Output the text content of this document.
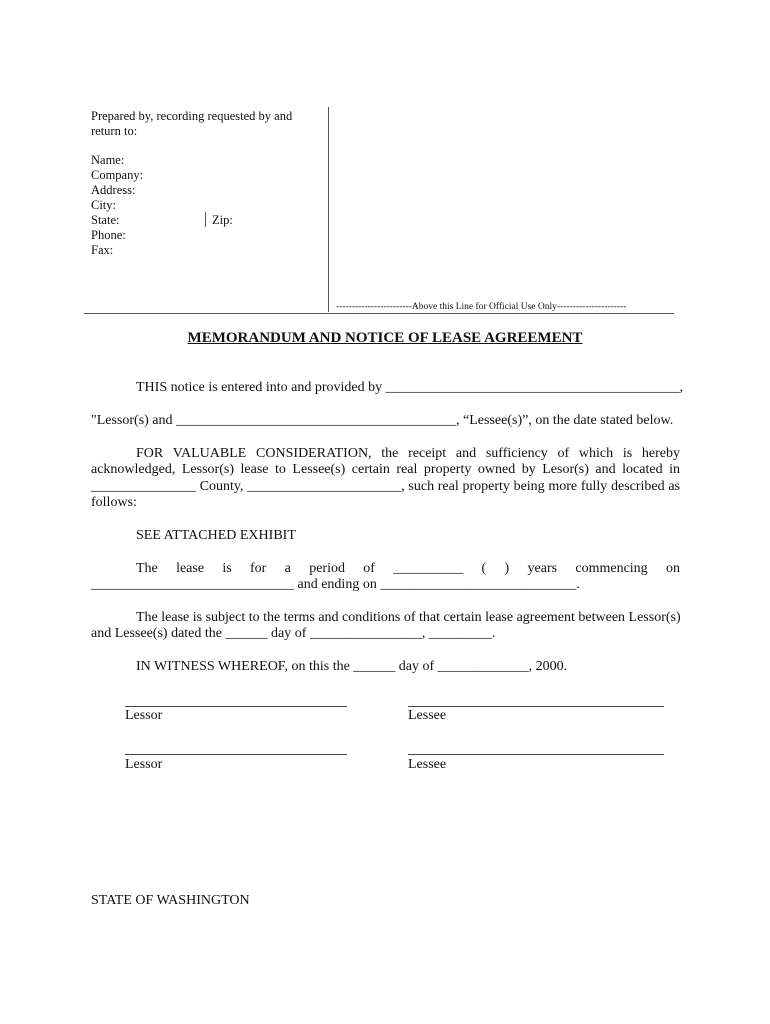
Prepared by, recording requested by and
return to:
Name:
Company:
Address:
City:
State:	Zip:
Phone:
Fax:
------------------------Above this Line for Official Use Only----------------------
MEMORANDUM AND NOTICE OF LEASE AGREEMENT
THIS notice is entered into and provided by __________________________________________,
"Lessor(s) and ________________________________________, “Lessee(s)”, on the date stated below.
FOR VALUABLE CONSIDERATION, the receipt and sufficiency of which is hereby
acknowledged, Lessor(s) lease to Lessee(s) certain real property owned by Lesor(s) and located in
_______________ County, ______________________, such real property being more fully described as
follows:
SEE ATTACHED EXHIBIT
The lease is for a period of __________ ( ) years commencing on
_____________________________ and ending on ____________________________.
The lease is subject to the terms and conditions of that certain lease agreement between Lessor(s)
and Lessee(s) dated the ______ day of ________________, _________.
IN WITNESS WHEREOF, on this the ______ day of _____________, 2000.
Lessor	Lessee
Lessor	Lessee
STATE OF WASHINGTON
